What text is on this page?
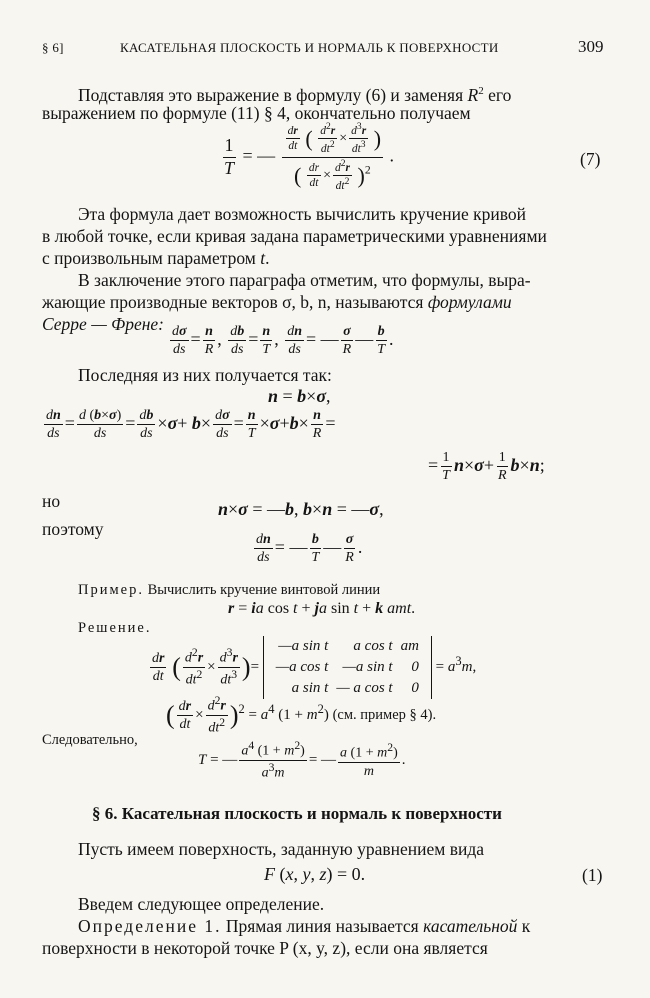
§ 6]	КАСАТЕЛЬНАЯ ПЛОСКОСТЬ И НОРМАЛЬ К ПОВЕРХНОСТИ	309
Подставляя это выражение в формулу (6) и заменяя $R^2$ его
выражением по формуле (11) § 4, окончательно получаем
$\frac{1}{T}$ = — $\frac{\frac{dr}{dt} ( \frac{d^2r}{dt^2} \times \frac{d^3r}{dt^3} )}{( \frac{dr}{dt} \times \frac{d^2r}{dt^2} )^2}$ .	(7)
Эта формула дает возможность вычислить кручение кривой
в любой точке, если кривая задана параметрическими уравнениями
с произвольным параметром t.
В заключение этого параграфа отметим, что формулы, выра-
жающие производные векторов σ, b, n, называются формулами
Серре — Френе: $\frac{d\sigma}{ds} = \frac{n}{R}$ , $\frac{db}{ds} = \frac{n}{T}$ , $\frac{dn}{ds}$ = — $\frac{\sigma}{R}$ — $\frac{b}{T}$ .
Последняя из них получается так:
n = b×σ,
$\frac{dn}{ds} = \frac{d (b\times\sigma)}{ds} = \frac{db}{ds} \times\sigma+ b\times \frac{d\sigma}{ds} = \frac{n}{T} \times\sigma+b\times \frac{n}{R}$ =
= $\frac{1}{T} n\times\sigma+ \frac{1}{R} b\times n$;
но	n×σ = —b, b×n = —σ,
поэтому
$\frac{dn}{ds}$ = — $\frac{b}{T}$ — $\frac{\sigma}{R}$ .
Пример. Вычислить кручение винтовой линии
r = ia cos t + ja sin t + k amt.
Решение.
$\frac{dr}{dt}$ ( $\frac{d^2r}{dt^2} \times \frac{d^3r}{dt^3}$ )= —a sin t	a cos t	am
—a cos t	—a sin t	0
a sin t	— a cos t	$0 = a^3m$,
( $\frac{dr}{dt} \times \frac{d^2r}{dt^2} )^2 = a^4$ $(1 + m^2)$ (см. пример § 4).
Следовательно,
T = — $\frac{a^4 (1 + m^2)}{a^3m}$ = — $\frac{a (1 + m^2)}{m}$ .
§ 6. Касательная плоскость и нормаль к поверхности
Пусть имеем поверхность, заданную уравнением вида
F (x, y, z) = 0.	(1)
Введем следующее определение.
Определение 1. Прямая линия называется касательной к
поверхности в некоторой точке P (x, y, z), если она является
